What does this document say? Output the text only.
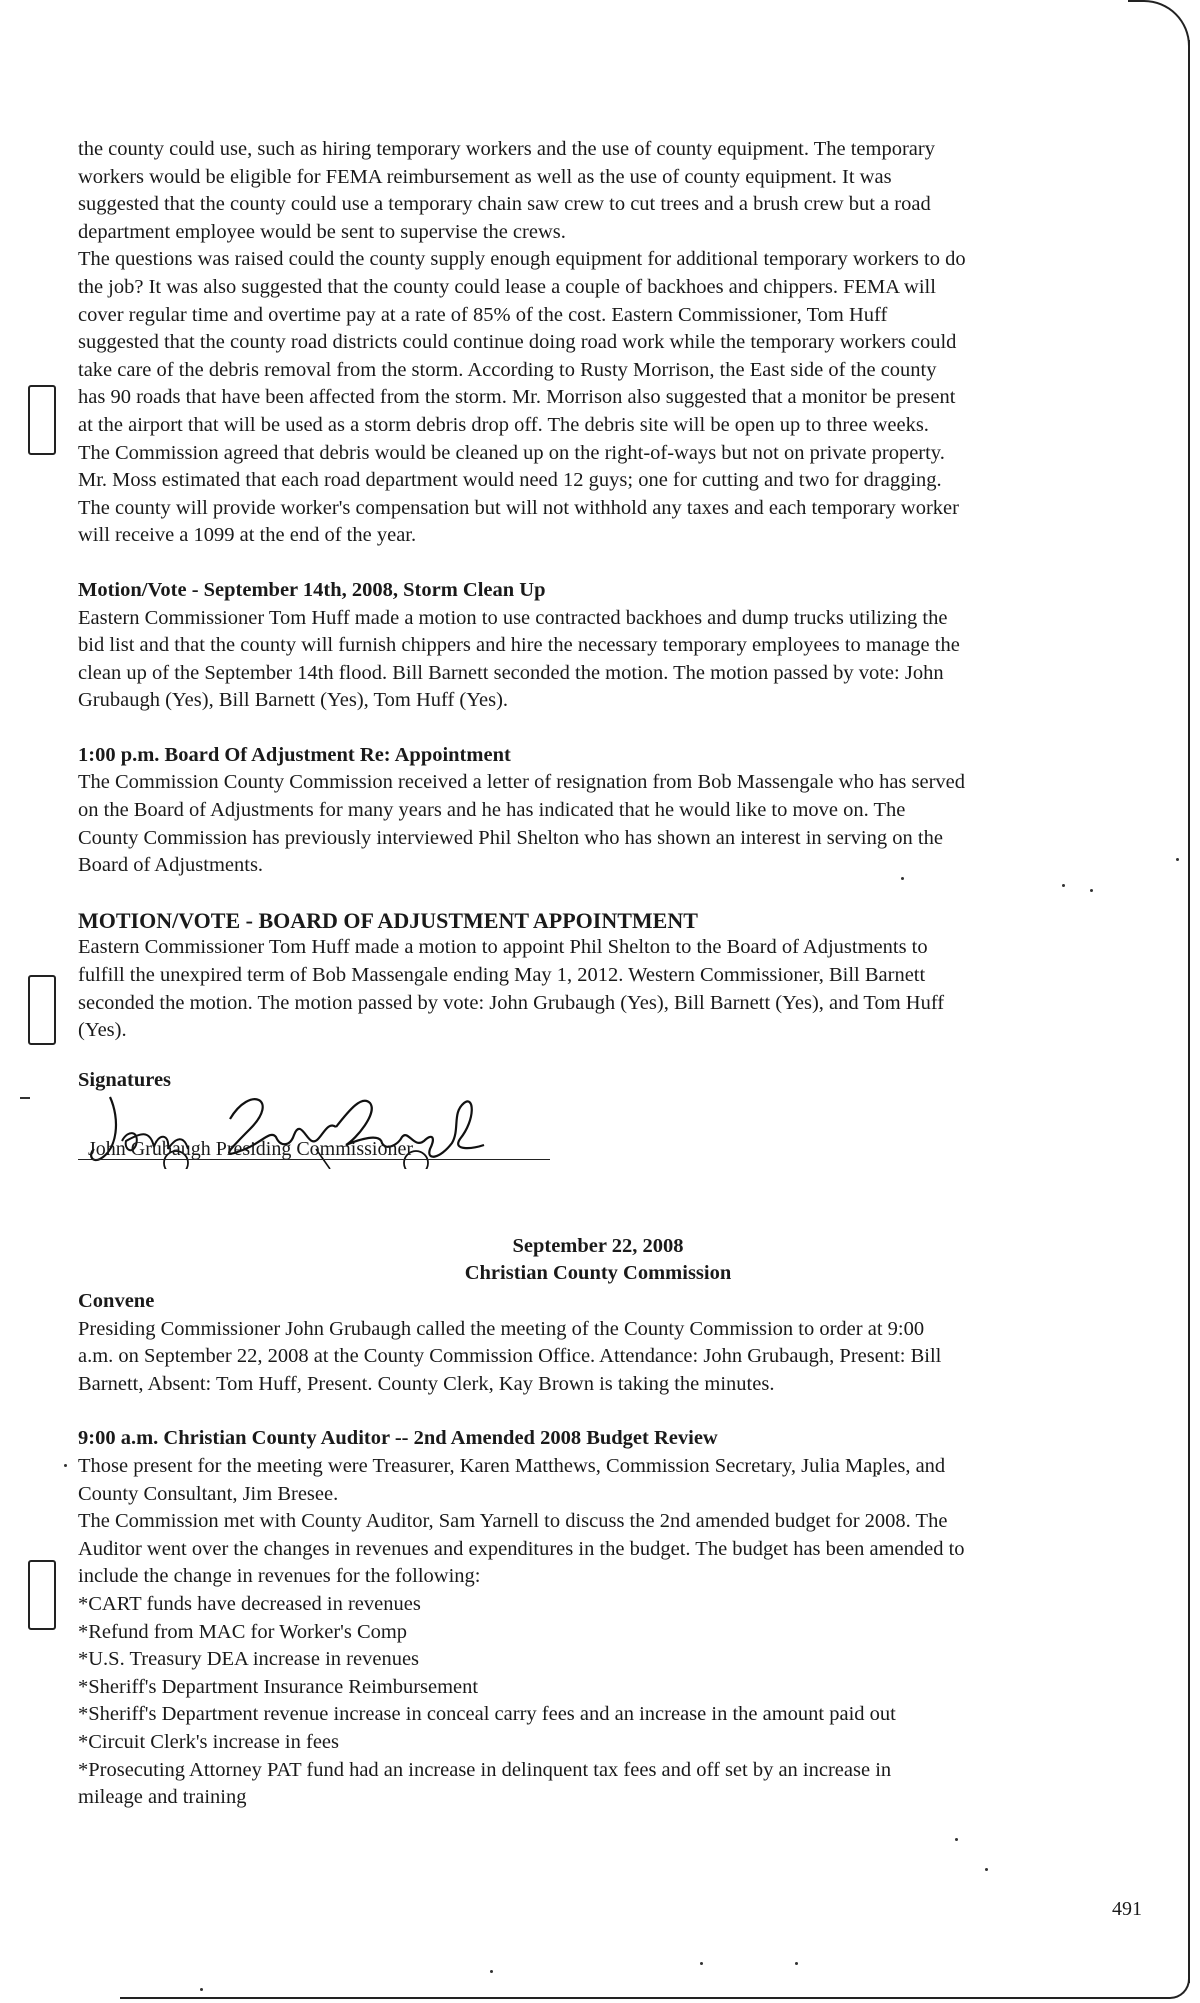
the county could use, such as hiring temporary workers and the use of county equipment. The temporary

workers would be eligible for FEMA reimbursement as well as the use of county equipment. It was

suggested that the county could use a temporary chain saw crew to cut trees and a brush crew but a road

department employee would be sent to supervise the crews.

The questions was raised could the county supply enough equipment for additional temporary workers to do

the job? It was also suggested that the county could lease a couple of backhoes and chippers. FEMA will

cover regular time and overtime pay at a rate of 85% of the cost. Eastern Commissioner, Tom Huff

suggested that the county road districts could continue doing road work while the temporary workers could

take care of the debris removal from the storm. According to Rusty Morrison, the East side of the county

has 90 roads that have been affected from the storm. Mr. Morrison also suggested that a monitor be present

at the airport that will be used as a storm debris drop off. The debris site will be open up to three weeks.

The Commission agreed that debris would be cleaned up on the right-of-ways but not on private property.

Mr. Moss estimated that each road department would need 12 guys; one for cutting and two for dragging.

The county will provide worker's compensation but will not withhold any taxes and each temporary worker

will receive a 1099 at the end of the year.

Motion/Vote - September 14th, 2008, Storm Clean Up

Eastern Commissioner Tom Huff made a motion to use contracted backhoes and dump trucks utilizing the

bid list and that the county will furnish chippers and hire the necessary temporary employees to manage the

clean up of the September 14th flood. Bill Barnett seconded the motion. The motion passed by vote: John

Grubaugh (Yes), Bill Barnett (Yes), Tom Huff (Yes).

1:00 p.m. Board Of Adjustment Re: Appointment

The Commission County Commission received a letter of resignation from Bob Massengale who has served

on the Board of Adjustments for many years and he has indicated that he would like to move on. The

County Commission has previously interviewed Phil Shelton who has shown an interest in serving on the

Board of Adjustments.

MOTION/VOTE - BOARD OF ADJUSTMENT APPOINTMENT

Eastern Commissioner Tom Huff made a motion to appoint Phil Shelton to the Board of Adjustments to

fulfill the unexpired term of Bob Massengale ending May 1, 2012. Western Commissioner, Bill Barnett

seconded the motion. The motion passed by vote: John Grubaugh (Yes), Bill Barnett (Yes), and Tom Huff

(Yes).

Signatures

John Grubaugh Presiding Commissioner

September 22, 2008

Christian County Commission

Convene

Presiding Commissioner John Grubaugh called the meeting of the County Commission to order at 9:00

a.m. on September 22, 2008 at the County Commission Office. Attendance: John Grubaugh, Present: Bill

Barnett, Absent: Tom Huff, Present. County Clerk, Kay Brown is taking the minutes.

9:00 a.m. Christian County Auditor -- 2nd Amended 2008 Budget Review

Those present for the meeting were Treasurer, Karen Matthews, Commission Secretary, Julia Maples, and

County Consultant, Jim Bresee.

The Commission met with County Auditor, Sam Yarnell to discuss the 2nd amended budget for 2008. The

Auditor went over the changes in revenues and expenditures in the budget. The budget has been amended to

include the change in revenues for the following:

*CART funds have decreased in revenues

*Refund from MAC for Worker's Comp

*U.S. Treasury DEA increase in revenues

*Sheriff's Department Insurance Reimbursement

*Sheriff's Department revenue increase in conceal carry fees and an increase in the amount paid out

*Circuit Clerk's increase in fees

*Prosecuting Attorney PAT fund had an increase in delinquent tax fees and off set by an increase in

mileage and training

491
